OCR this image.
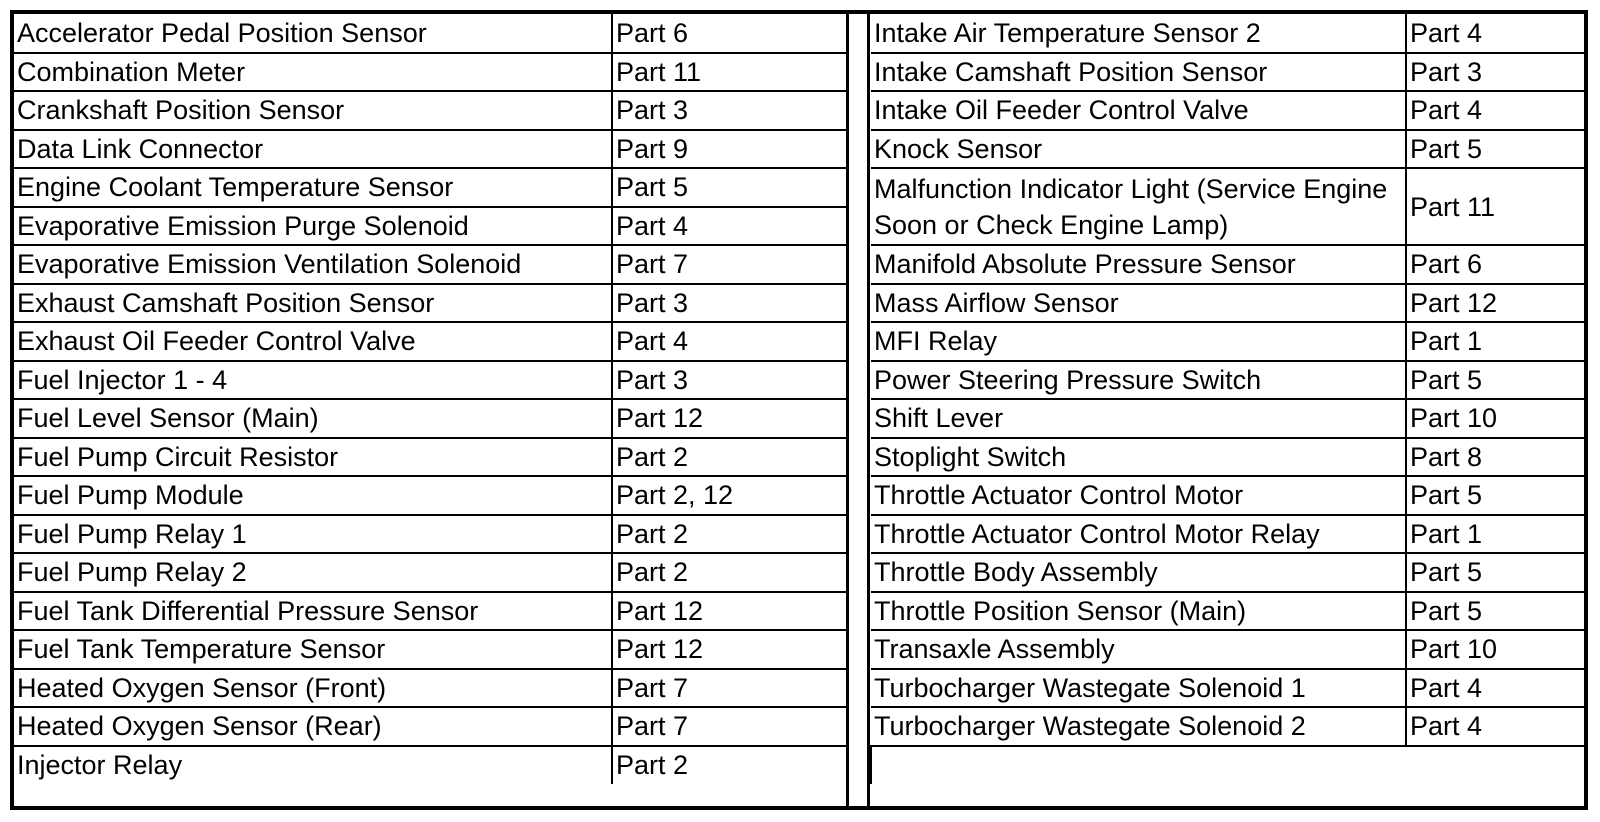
Accelerator Pedal Position Sensor	Part 6
Combination Meter	Part 11
Crankshaft Position Sensor	Part 3
Data Link Connector	Part 9
Engine Coolant Temperature Sensor	Part 5
Evaporative Emission Purge Solenoid	Part 4
Evaporative Emission Ventilation Solenoid	Part 7
Exhaust Camshaft Position Sensor	Part 3
Exhaust Oil Feeder Control Valve	Part 4
Fuel Injector 1 - 4	Part 3
Fuel Level Sensor (Main)	Part 12
Fuel Pump Circuit Resistor	Part 2
Fuel Pump Module	Part 2, 12
Fuel Pump Relay 1	Part 2
Fuel Pump Relay 2	Part 2
Fuel Tank Differential Pressure Sensor	Part 12
Fuel Tank Temperature Sensor	Part 12
Heated Oxygen Sensor (Front)	Part 7
Heated Oxygen Sensor (Rear)	Part 7
Injector Relay	Part 2
Intake Air Temperature Sensor 2	Part 4
Intake Camshaft Position Sensor	Part 3
Intake Oil Feeder Control Valve	Part 4
Knock Sensor	Part 5
Malfunction Indicator Light (Service Engine Soon or Check Engine Lamp)	Part 11
Manifold Absolute Pressure Sensor	Part 6
Mass Airflow Sensor	Part 12
MFI Relay	Part 1
Power Steering Pressure Switch	Part 5
Shift Lever	Part 10
Stoplight Switch	Part 8
Throttle Actuator Control Motor	Part 5
Throttle Actuator Control Motor Relay	Part 1
Throttle Body Assembly	Part 5
Throttle Position Sensor (Main)	Part 5
Transaxle Assembly	Part 10
Turbocharger Wastegate Solenoid 1	Part 4
Turbocharger Wastegate Solenoid 2	Part 4
